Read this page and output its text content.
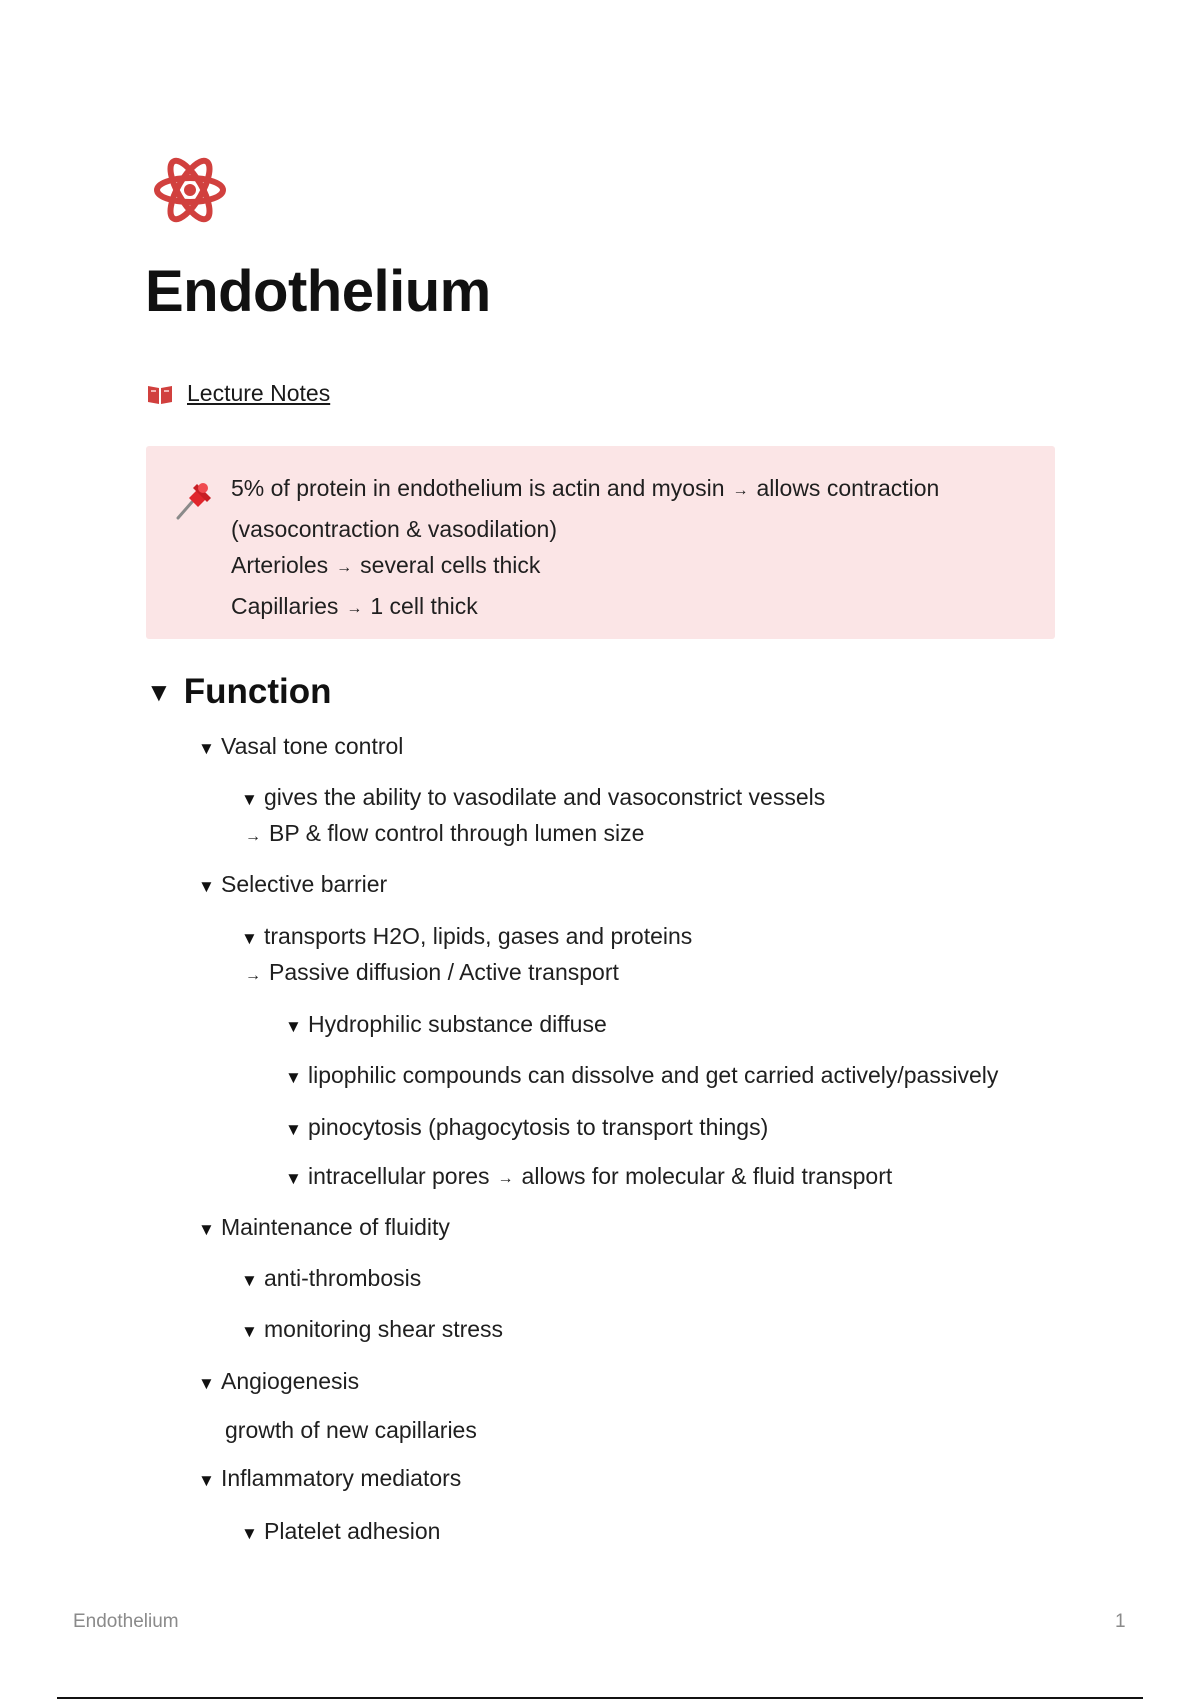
Endothelium
Lecture Notes
5% of protein in endothelium is actin and myosin → allows contraction
(vasocontraction & vasodilation)
Arterioles → several cells thick
Capillaries → 1 cell thick
▼ Function
▼ Vasal tone control
▼ gives the ability to vasodilate and vasoconstrict vessels
→ BP & flow control through lumen size
▼ Selective barrier
▼ transports H2O, lipids, gases and proteins
→ Passive diffusion / Active transport
▼ Hydrophilic substance diffuse
▼ lipophilic compounds can dissolve and get carried actively/passively
▼ pinocytosis (phagocytosis to transport things)
▼ intracellular pores → allows for molecular & fluid transport
▼ Maintenance of fluidity
▼ anti-thrombosis
▼ monitoring shear stress
▼ Angiogenesis
growth of new capillaries
▼ Inflammatory mediators
▼ Platelet adhesion
Endothelium	1
